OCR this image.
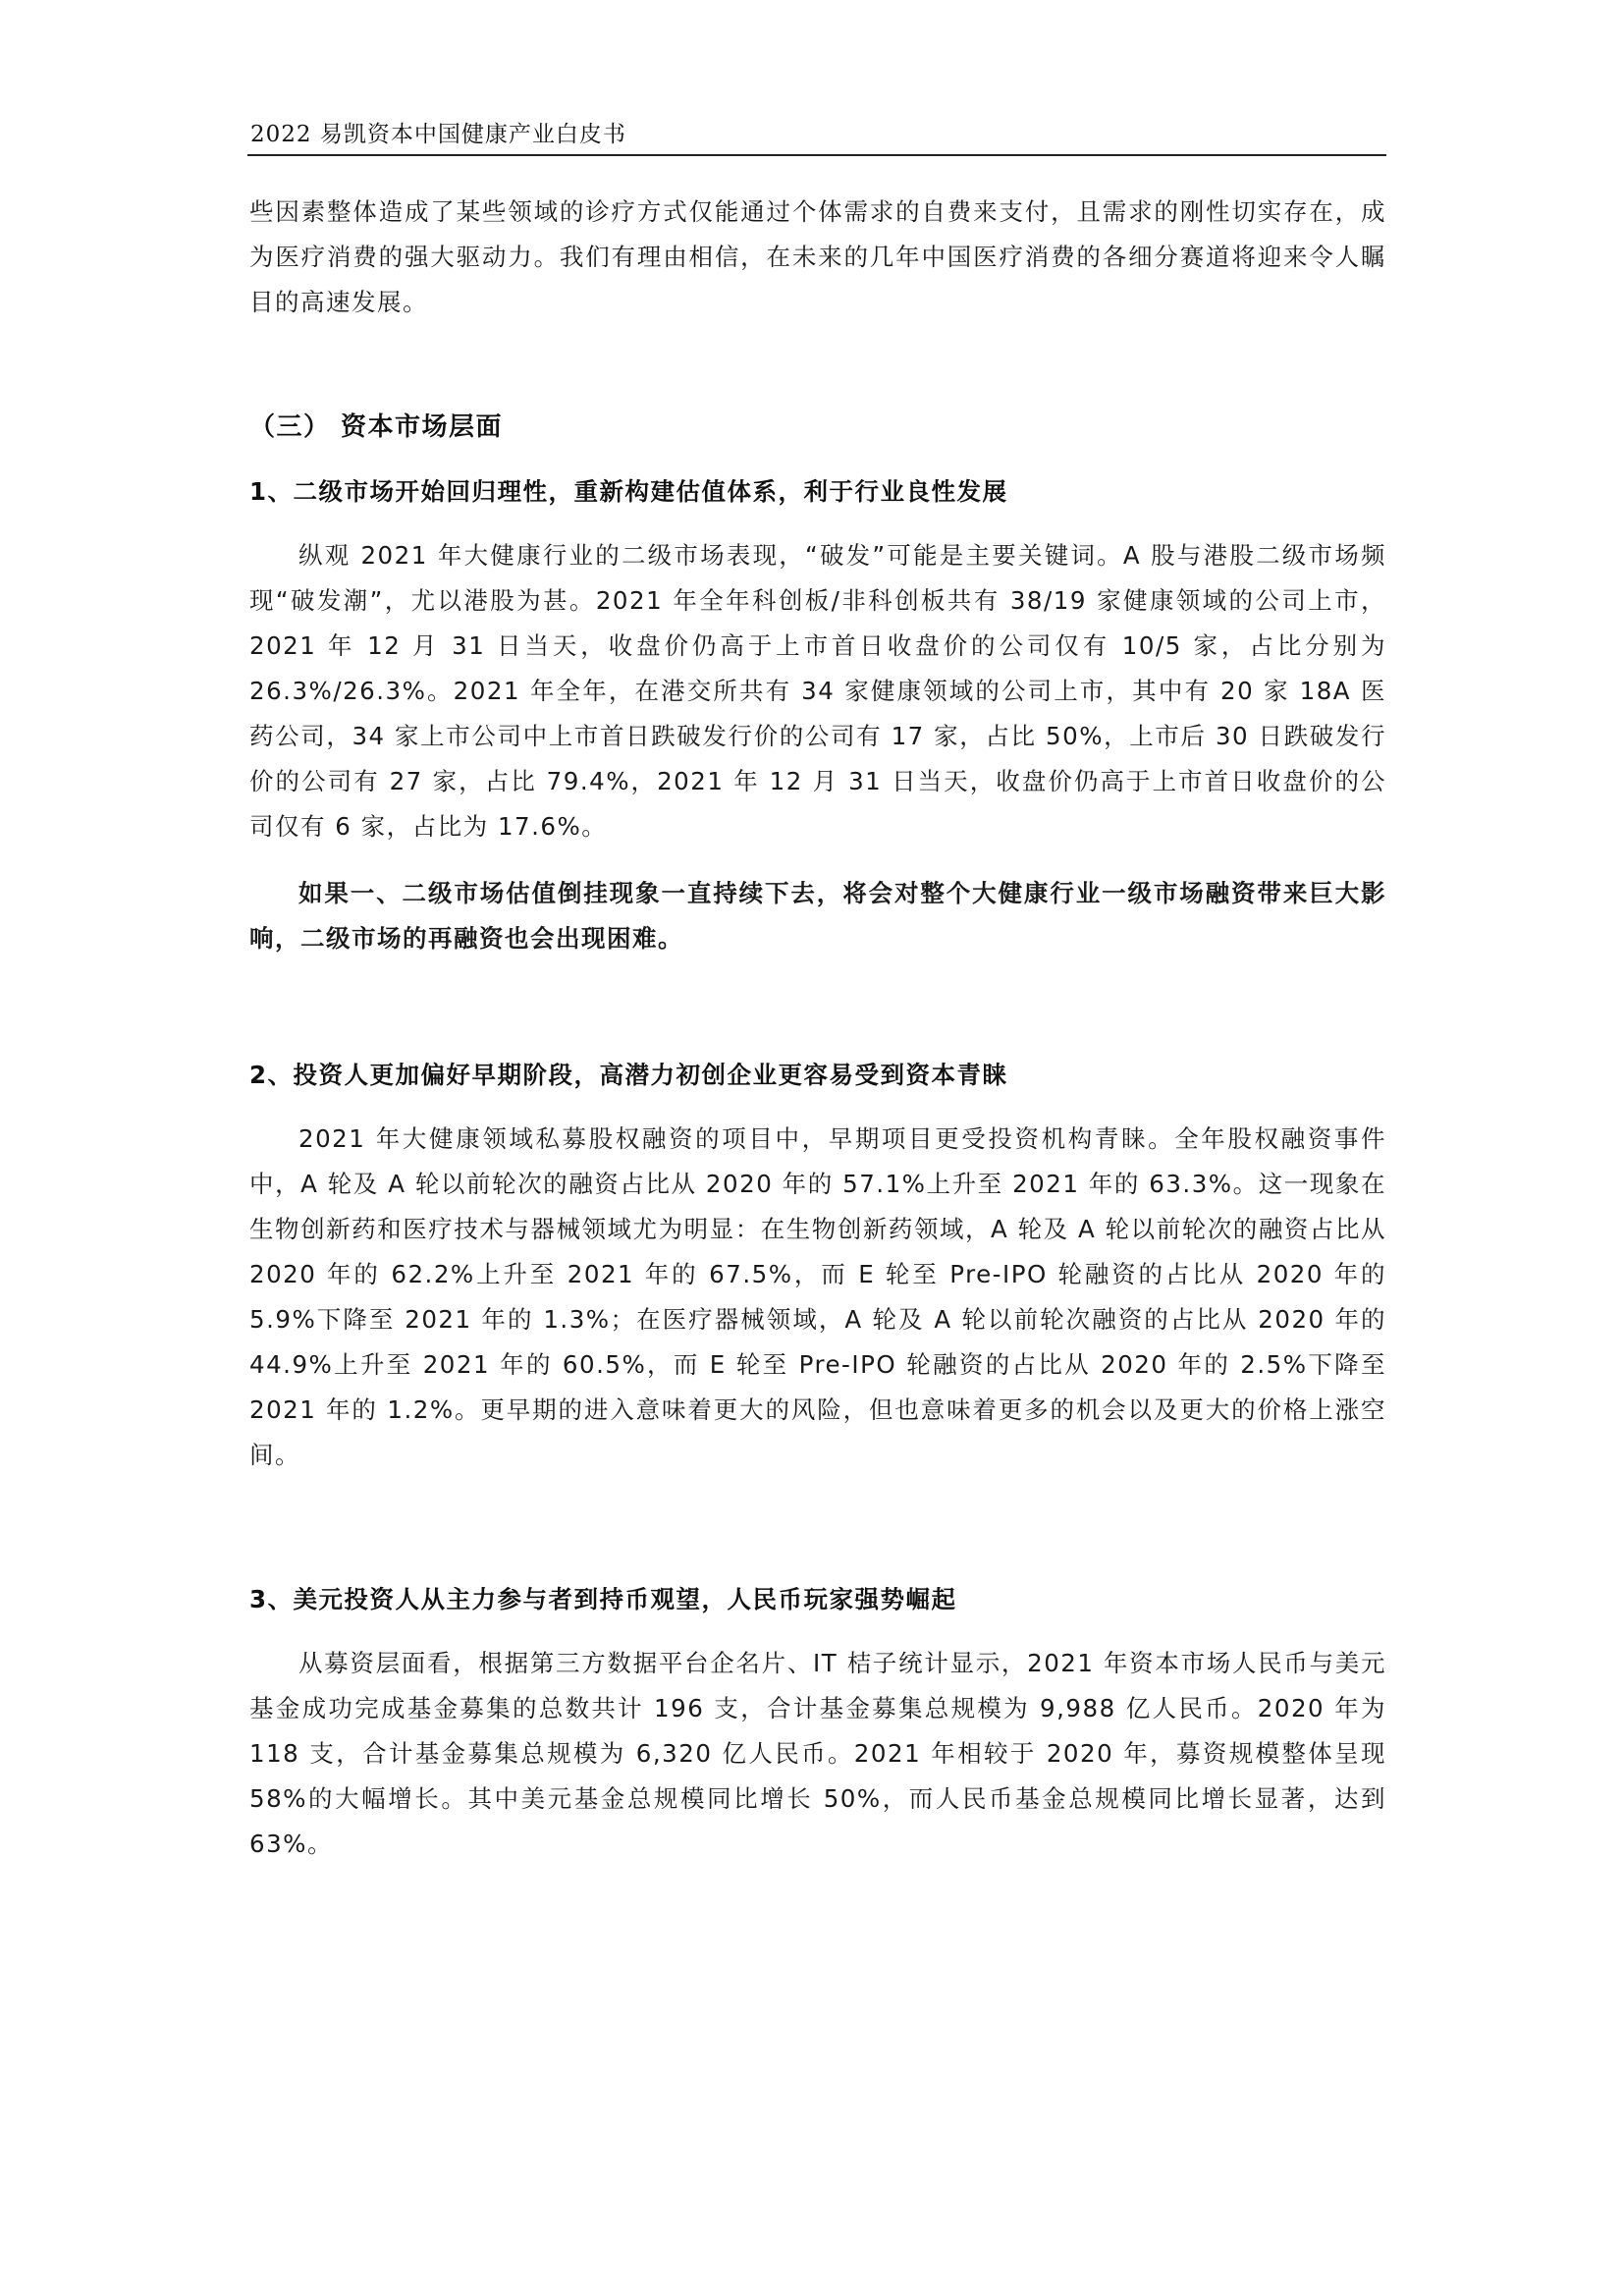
2022 易凯资本中国健康产业白皮书

些因素整体造成了某些领域的诊疗方式仅能通过个体需求的自费来支付，且需求的刚性切实存在，成为医疗消费的强大驱动力。我们有理由相信，在未来的几年中国医疗消费的各细分赛道将迎来令人瞩目的高速发展。

（三） 资本市场层面
1、二级市场开始回归理性，重新构建估值体系，利于行业良性发展

纵观 2021 年大健康行业的二级市场表现，“破发”可能是主要关键词。A 股与港股二级市场频现“破发潮”，尤以港股为甚。2021 年全年科创板/非科创板共有 38/19 家健康领域的公司上市，2021 年 12 月 31 日当天，收盘价仍高于上市首日收盘价的公司仅有 10/5 家，占比分别为 26.3%/26.3%。2021 年全年，在港交所共有 34 家健康领域的公司上市，其中有 20 家 18A 医药公司，34 家上市公司中上市首日跌破发行价的公司有 17 家，占比 50%，上市后 30 日跌破发行价的公司有 27 家，占比 79.4%，2021 年 12 月 31 日当天，收盘价仍高于上市首日收盘价的公司仅有 6 家，占比为 17.6%。

如果一、二级市场估值倒挂现象一直持续下去，将会对整个大健康行业一级市场融资带来巨大影响，二级市场的再融资也会出现困难。

2、投资人更加偏好早期阶段，高潜力初创企业更容易受到资本青睐

2021 年大健康领域私募股权融资的项目中，早期项目更受投资机构青睐。全年股权融资事件中，A 轮及 A 轮以前轮次的融资占比从 2020 年的 57.1%上升至 2021 年的 63.3%。这一现象在生物创新药和医疗技术与器械领域尤为明显：在生物创新药领域，A 轮及 A 轮以前轮次的融资占比从 2020 年的 62.2%上升至 2021 年的 67.5%，而 E 轮至 Pre-IPO 轮融资的占比从 2020 年的 5.9%下降至 2021 年的 1.3%；在医疗器械领域，A 轮及 A 轮以前轮次融资的占比从 2020 年的 44.9%上升至 2021 年的 60.5%，而 E 轮至 Pre-IPO 轮融资的占比从 2020 年的 2.5%下降至 2021 年的 1.2%。更早期的进入意味着更大的风险，但也意味着更多的机会以及更大的价格上涨空间。

3、美元投资人从主力参与者到持币观望，人民币玩家强势崛起

从募资层面看，根据第三方数据平台企名片、IT 桔子统计显示，2021 年资本市场人民币与美元基金成功完成基金募集的总数共计 196 支，合计基金募集总规模为 9,988 亿人民币。2020 年为 118 支，合计基金募集总规模为 6,320 亿人民币。2021 年相较于 2020 年，募资规模整体呈现 58%的大幅增长。其中美元基金总规模同比增长 50%，而人民币基金总规模同比增长显著，达到 63%。
